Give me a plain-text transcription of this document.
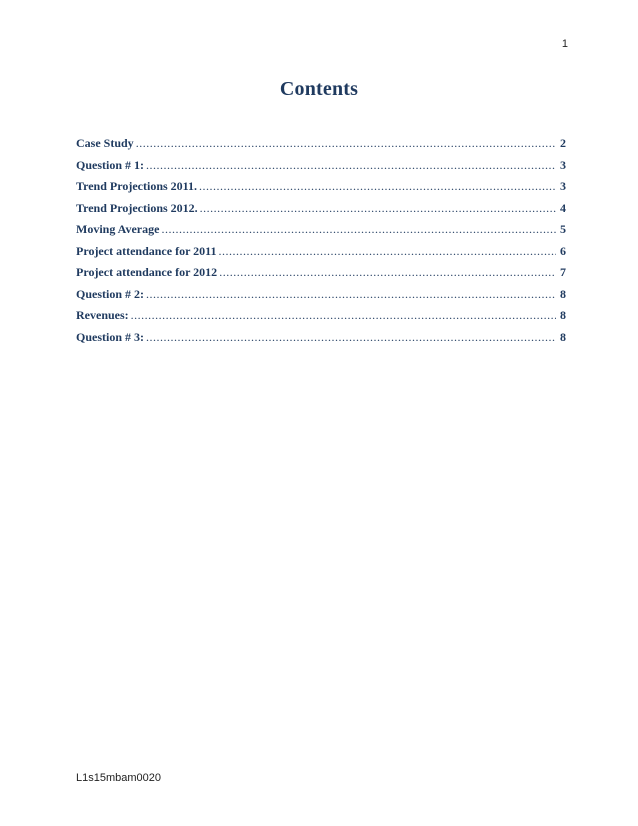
1
Contents
Case Study .....	2
Question # 1: .....	3
Trend Projections 2011. .....	3
Trend Projections 2012. .....	4
Moving Average .....	5
Project attendance for 2011 .....	6
Project attendance for 2012 .....	7
Question # 2: .....	8
Revenues: .....	8
Question # 3: .....	8
L1s15mbam0020
